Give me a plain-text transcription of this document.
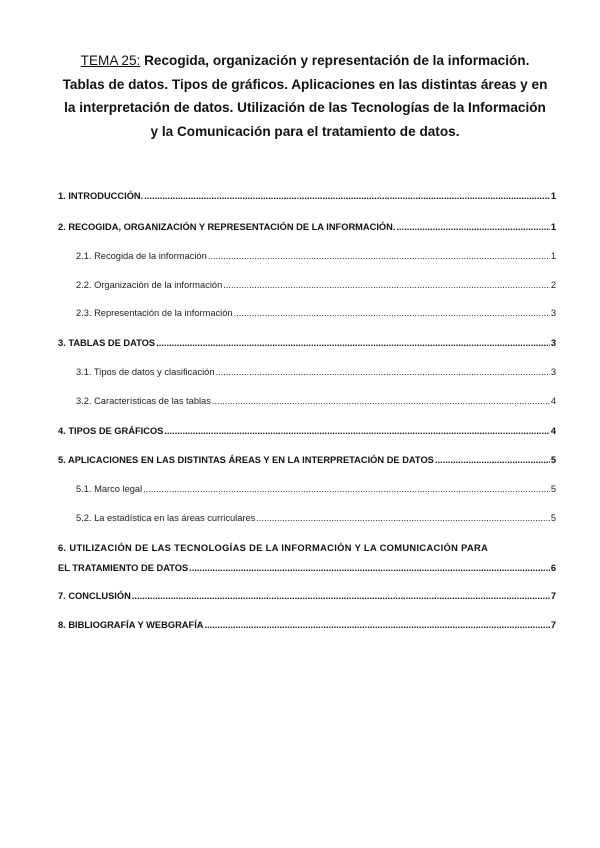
TEMA 25: Recogida, organización y representación de la información. Tablas de datos. Tipos de gráficos. Aplicaciones en las distintas áreas y en la interpretación de datos. Utilización de las Tecnologías de la Información y la Comunicación para el tratamiento de datos.
1. INTRODUCCIÓN. .....	1
2. RECOGIDA, ORGANIZACIÓN Y REPRESENTACIÓN DE LA INFORMACIÓN. .....	1
2.1. Recogida de la información .....	1
2.2. Organización de la información .....	2
2.3. Representación de la información .....	3
3. TABLAS DE DATOS .....	3
3.1. Tipos de datos y clasificación .....	3
3.2. Características de las tablas .....	4
4. TIPOS DE GRÁFICOS .....	4
5. APLICACIONES EN LAS DISTINTAS ÁREAS Y EN LA INTERPRETACIÓN DE DATOS .....	5
5.1. Marco legal .....	5
5.2. La estadística en las áreas curriculares .....	5
6. UTILIZACIÓN DE LAS TECNOLOGÍAS DE LA INFORMACIÓN Y LA COMUNICACIÓN PARA
EL TRATAMIENTO DE DATOS .....	6
7. CONCLUSIÓN .....	7
8. BIBLIOGRAFÍA Y WEBGRAFÍA .....	7
